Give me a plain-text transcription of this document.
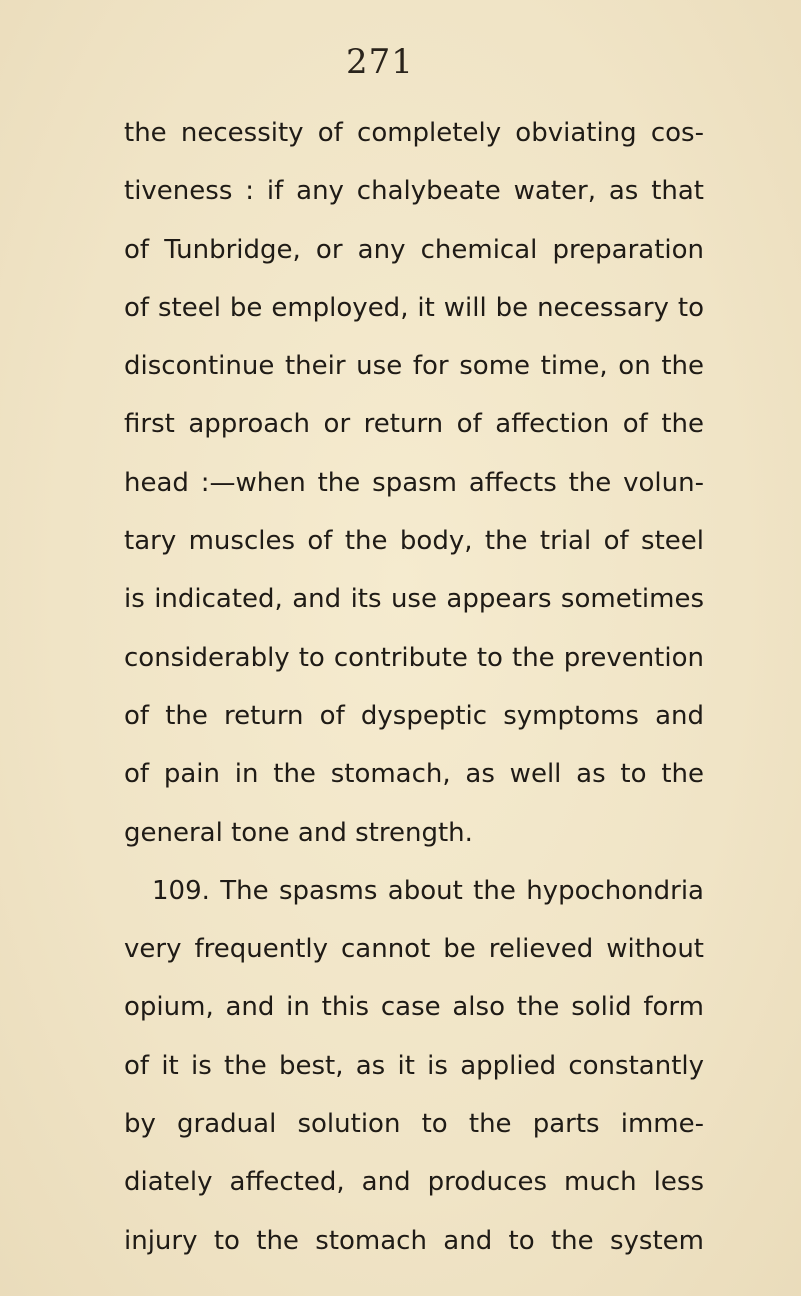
271
the necessity of completely obviating cos-
tiveness : if any chalybeate water, as that
of Tunbridge, or any chemical preparation
of steel be employed, it will be necessary to
discontinue their use for some time, on the
first approach or return of affection of the
head :—when the spasm affects the volun-
tary muscles of the body, the trial of steel
is indicated, and its use appears sometimes
considerably to contribute to the prevention
of the return of dyspeptic symptoms and
of pain in the stomach, as well as to the
general tone and strength.
109. The spasms about the hypochondria
very frequently cannot be relieved without
opium, and in this case also the solid form
of it is the best, as it is applied constantly
by gradual solution to the parts imme-
diately affected, and produces much less
injury to the stomach and to the system
